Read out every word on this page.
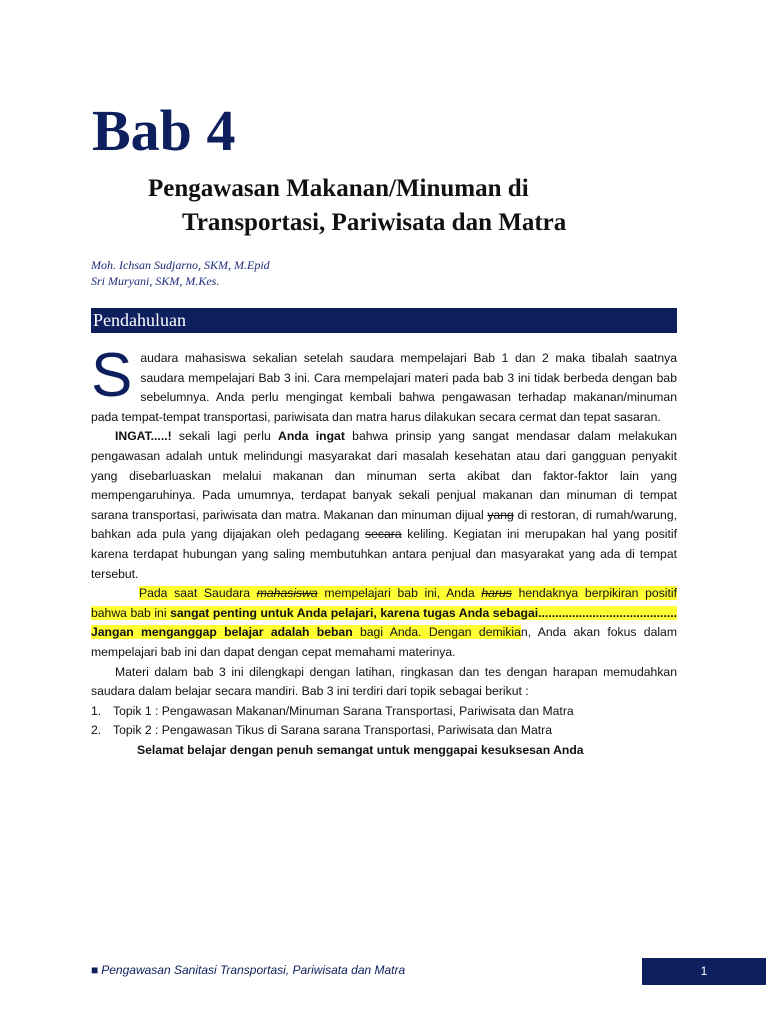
Bab 4
Pengawasan Makanan/Minuman di
Transportasi, Pariwisata dan Matra
Moh. Ichsan Sudjarno, SKM, M.Epid
Sri Muryani, SKM, M.Kes.
Pendahuluan

Saudara mahasiswa sekalian setelah saudara mempelajari Bab 1 dan 2 maka tibalah saatnya saudara mempelajari Bab 3 ini. Cara mempelajari materi pada bab 3 ini tidak berbeda dengan bab sebelumnya. Anda perlu mengingat kembali bahwa pengawasan terhadap makanan/minuman pada tempat-tempat transportasi, pariwisata dan matra harus dilakukan secara cermat dan tepat sasaran.

INGAT.....! sekali lagi perlu Anda ingat bahwa prinsip yang sangat mendasar dalam melakukan pengawasan adalah untuk melindungi masyarakat dari masalah kesehatan atau dari gangguan penyakit yang disebarluaskan melalui makanan dan minuman serta akibat dan faktor-faktor lain yang mempengaruhinya. Pada umumnya, terdapat banyak sekali penjual makanan dan minuman di tempat sarana transportasi, pariwisata dan matra. Makanan dan minuman dijual yang di restoran, di rumah/warung, bahkan ada pula yang dijajakan oleh pedagang secara keliling. Kegiatan ini merupakan hal yang positif karena terdapat hubungan yang saling membutuhkan antara penjual dan masyarakat yang ada di tempat tersebut.

Pada saat Saudara mahasiswa mempelajari bab ini, Anda harus hendaknya berpikiran positif bahwa bab ini sangat penting untuk Anda pelajari, karena tugas Anda sebagai......................................... Jangan menganggap belajar adalah beban bagi Anda. Dengan demikian, Anda akan fokus dalam mempelajari bab ini dan dapat dengan cepat memahami materinya.

Materi dalam bab 3 ini dilengkapi dengan latihan, ringkasan dan tes dengan harapan memudahkan saudara dalam belajar secara mandiri. Bab 3 ini terdiri dari topik sebagai berikut :

1. Topik 1 : Pengawasan Makanan/Minuman Sarana Transportasi, Pariwisata dan Matra
2. Topik 2 : Pengawasan Tikus di Sarana sarana Transportasi, Pariwisata dan Matra

Selamat belajar dengan penuh semangat untuk menggapai kesuksesan Anda

■ Pengawasan Sanitasi Transportasi, Pariwisata dan Matra	1
